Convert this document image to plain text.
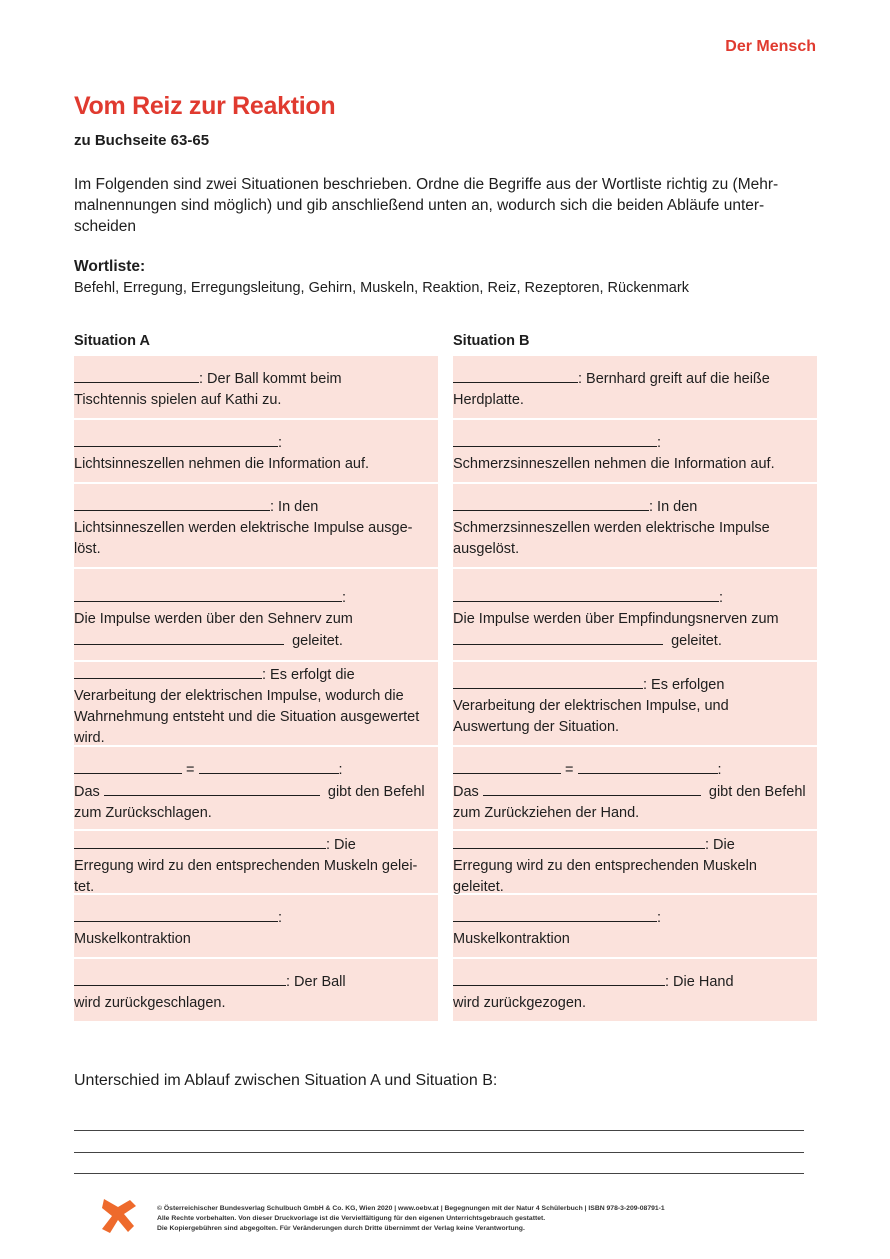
Der Mensch
Vom Reiz zur Reaktion
zu Buchseite 63-65
Im Folgenden sind zwei Situationen beschrieben. Ordne die Begriffe aus der Wortliste richtig zu (Mehr-malnennungen sind möglich) und gib anschließend unten an, wodurch sich die beiden Abläufe unter-scheiden
Wortliste:
Befehl, Erregung, Erregungsleitung, Gehirn, Muskeln, Reaktion, Reiz, Rezeptoren, Rückenmark
Situation A

: Der Ball kommt beim

Tischtennis spielen auf Kathi zu.

:

Lichtsinneszellen nehmen die Information auf.

: In den

Lichtsinneszellen werden elektrische Impulse ausge-

löst.

:

Die Impulse werden über den Sehnerv zum

geleitet.

: Es erfolgt die

Verarbeitung der elektrischen Impulse, wodurch die

Wahrnehmung entsteht und die Situation ausgewertet

wird.

=	:

Das	gibt den Befehl

zum Zurückschlagen.

: Die

Erregung wird zu den entsprechenden Muskeln gelei-

tet.

:

Muskelkontraktion

: Der Ball

wird zurückgeschlagen.

Situation B

: Bernhard greift auf die heiße

Herdplatte.

:

Schmerzsinneszellen nehmen die Information auf.

: In den

Schmerzsinneszellen werden elektrische Impulse

ausgelöst.

:

Die Impulse werden über Empfindungsnerven zum

geleitet.

: Es erfolgen

Verarbeitung der elektrischen Impulse, und

Auswertung der Situation.

=	:

Das	gibt den Befehl

zum Zurückziehen der Hand.

: Die

Erregung wird zu den entsprechenden Muskeln

geleitet.

:

Muskelkontraktion

: Die Hand

wird zurückgezogen.

Unterschied im Ablauf zwischen Situation A und Situation B:
© Österreichischer Bundesverlag Schulbuch GmbH & Co. KG, Wien 2020 | www.oebv.at | Begegnungen mit der Natur 4 Schülerbuch | ISBN 978-3-209-08791-1
Alle Rechte vorbehalten. Von dieser Druckvorlage ist die Vervielfältigung für den eigenen Unterrichtsgebrauch gestattet.
Die Kopiergebühren sind abgegolten. Für Veränderungen durch Dritte übernimmt der Verlag keine Verantwortung.
